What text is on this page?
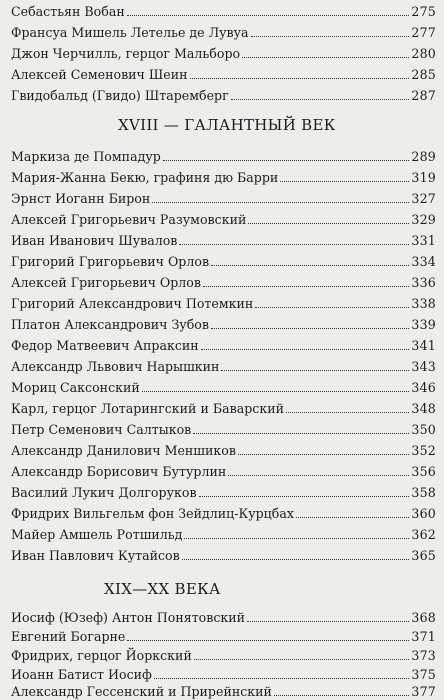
Себастьян Вобан	275
Франсуа Мишель Летелье де Лувуа	277
Джон Черчилль, герцог Мальборо	280
Алексей Семенович Шеин	285
Гвидобальд (Гвидо) Штаремберг	287
XVIII — ГАЛАНТНЫЙ ВЕК
Маркиза де Помпадур	289
Мария-Жанна Бекю, графиня дю Барри	319
Эрнст Иоганн Бирон	327
Алексей Григорьевич Разумовский	329
Иван Иванович Шувалов	331
Григорий Григорьевич Орлов	334
Алексей Григорьевич Орлов	336
Григорий Александрович Потемкин	338
Платон Александрович Зубов	339
Федор Матвеевич Апраксин	341
Александр Львович Нарышкин	343
Мориц Саксонский	346
Карл, герцог Лотарингский и Баварский	348
Петр Семенович Салтыков	350
Александр Данилович Меншиков	352
Александр Борисович Бутурлин	356
Василий Лукич Долгоруков	358
Фридрих Вильгельм фон Зейдлиц-Курцбах	360
Майер Амшель Ротшильд	362
Иван Павлович Кутайсов	365
XIX—XX ВЕКА
Иосиф (Юзеф) Антон Понятовский	368
Евгений Богарне	371
Фридрих, герцог Йоркский	373
Иоанн Батист Иосиф	375
Александр Гессенский и Прирейнский	377
